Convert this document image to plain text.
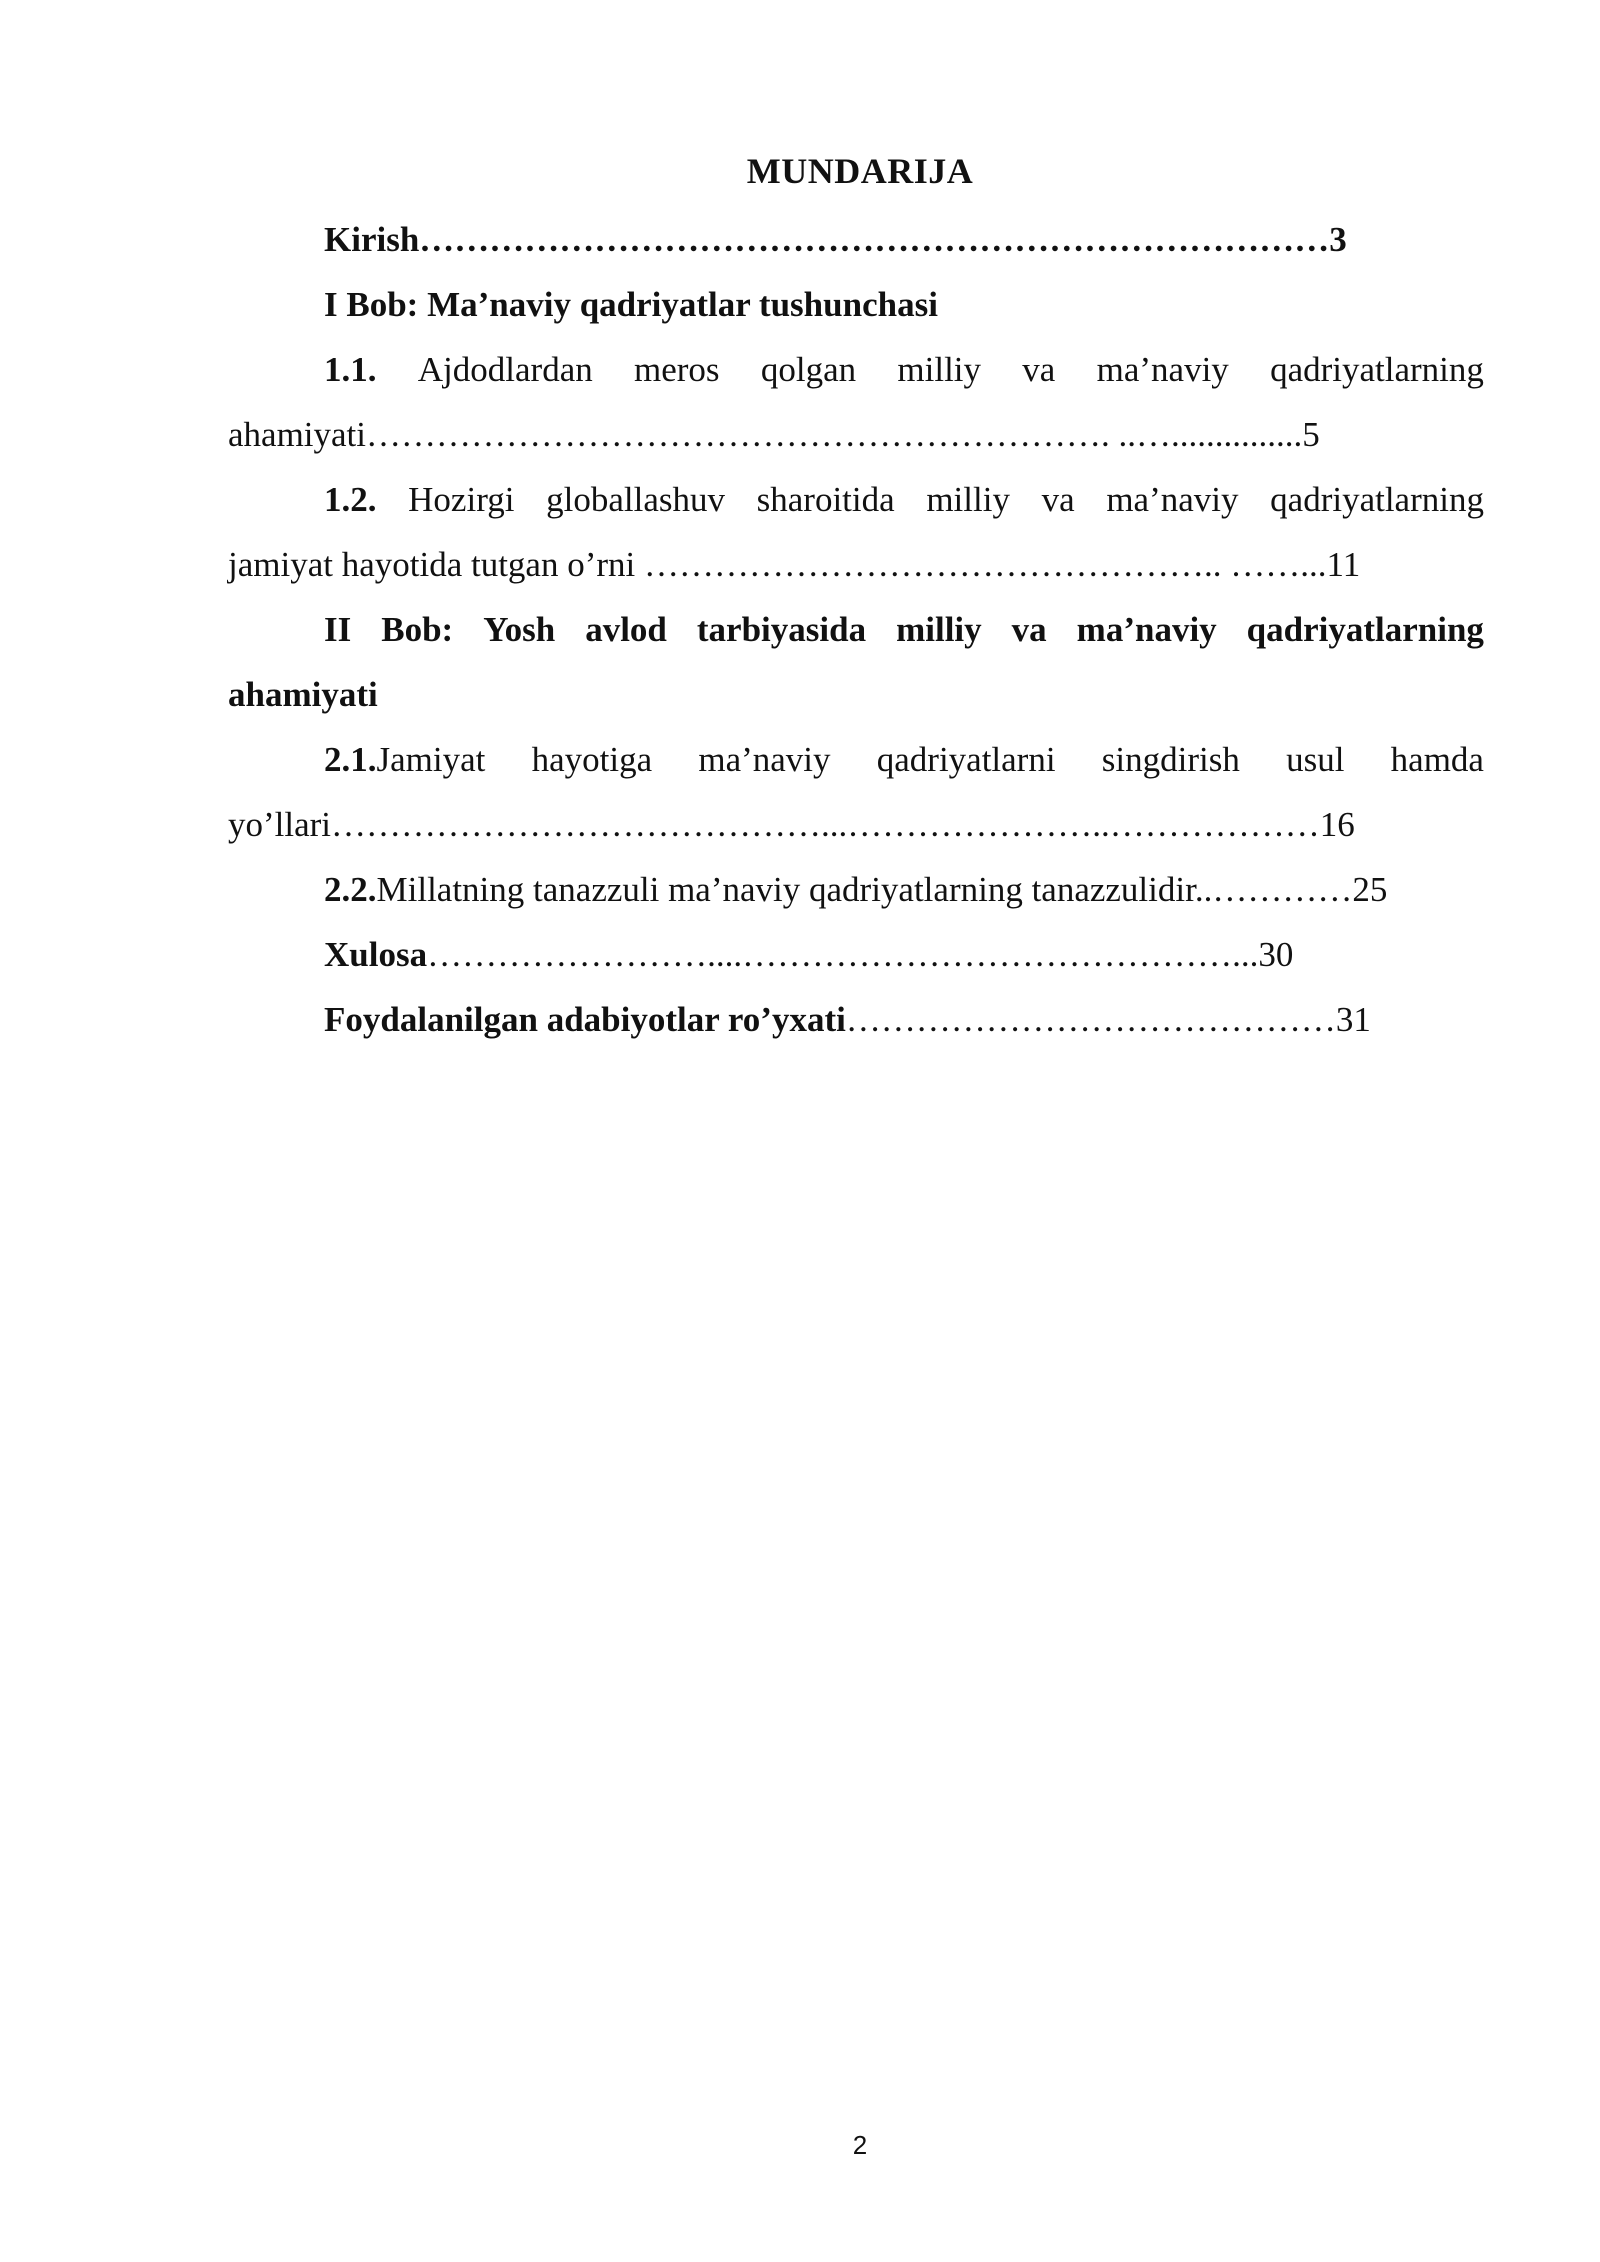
MUNDARIJA
Kirish……………………………………………………………………3
I Bob: Ma’naviy qadriyatlar tushunchasi
1.1. Ajdodlardan meros qolgan milliy va ma’naviy qadriyatlarning
ahamiyati………………………………………………………. ..…...............5
1.2. Hozirgi globallashuv sharoitida milliy va ma’naviy qadriyatlarning
jamiyat hayotida tutgan o’rni ………………………………………….. ……...11
II Bob: Yosh avlod tarbiyasida milliy va ma’naviy qadriyatlarning
ahamiyati
2.1.Jamiyat hayotiga ma’naviy qadriyatlarni singdirish usul hamda
yo’llari……………………………………...…………………..………………16
2.2.Millatning tanazzuli ma’naviy qadriyatlarning tanazzulidir..…………25
Xulosa……………………....……………………………………...30
Foydalanilgan adabiyotlar ro’yxati……………………………………31
2
